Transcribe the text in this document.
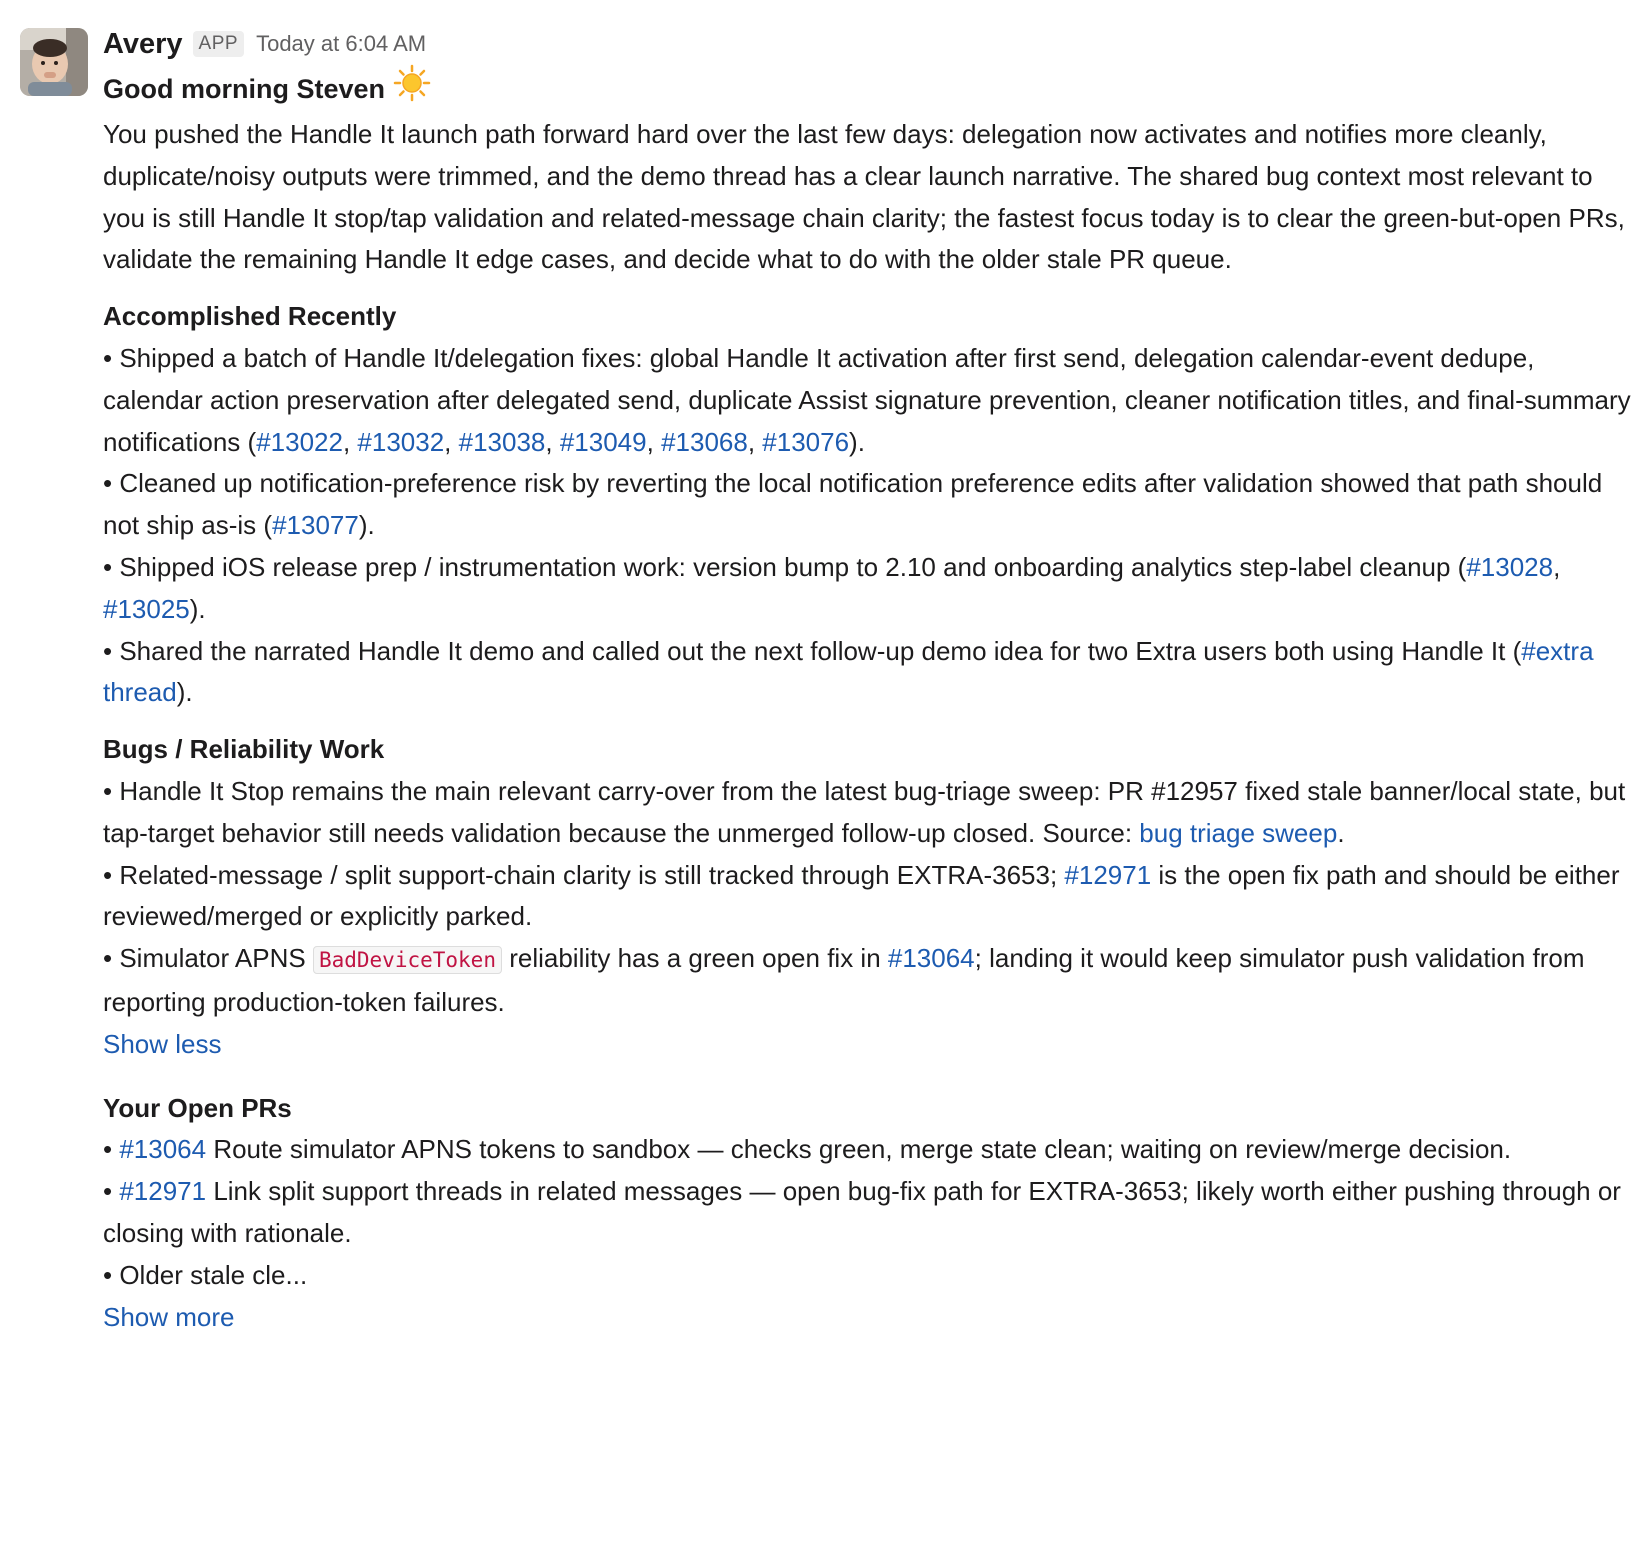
Avery APP Today at 6:04 AM
Good morning Steven

You pushed the Handle It launch path forward hard over the last few days: delegation now activates and notifies more cleanly, duplicate/noisy outputs were trimmed, and the demo thread has a clear launch narrative. The shared bug context most relevant to you is still Handle It stop/tap validation and related-message chain clarity; the fastest focus today is to clear the green-but-open PRs, validate the remaining Handle It edge cases, and decide what to do with the older stale PR queue.

Accomplished Recently
• Shipped a batch of Handle It/delegation fixes: global Handle It activation after first send, delegation calendar-event dedupe, calendar action preservation after delegated send, duplicate Assist signature prevention, cleaner notification titles, and final-summary notifications (#13022, #13032, #13038, #13049, #13068, #13076).
• Cleaned up notification-preference risk by reverting the local notification preference edits after validation showed that path should not ship as-is (#13077).
• Shipped iOS release prep / instrumentation work: version bump to 2.10 and onboarding analytics step-label cleanup (#13028, #13025).
• Shared the narrated Handle It demo and called out the next follow-up demo idea for two Extra users both using Handle It (#extra thread).
Bugs / Reliability Work
• Handle It Stop remains the main relevant carry-over from the latest bug-triage sweep: PR #12957 fixed stale banner/local state, but tap-target behavior still needs validation because the unmerged follow-up closed. Source: bug triage sweep.
• Related-message / split support-chain clarity is still tracked through EXTRA-3653; #12971 is the open fix path and should be either reviewed/merged or explicitly parked.
• Simulator APNS BadDeviceToken reliability has a green open fix in #13064; landing it would keep simulator push validation from reporting production-token failures.
Show less
Your Open PRs
• #13064 Route simulator APNS tokens to sandbox — checks green, merge state clean; waiting on review/merge decision.
• #12971 Link split support threads in related messages — open bug-fix path for EXTRA-3653; likely worth either pushing through or closing with rationale.
• Older stale cle...
Show more
